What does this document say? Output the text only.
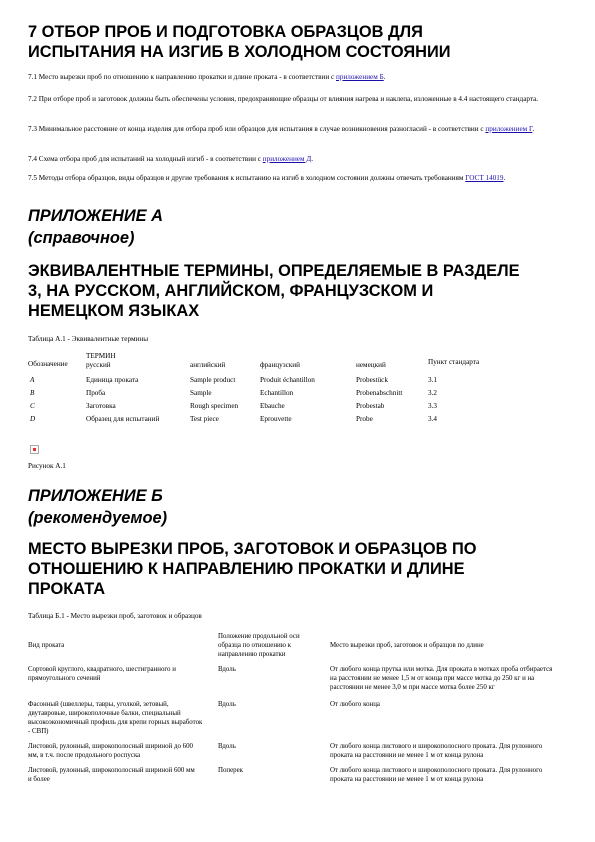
7 ОТБОР ПРОБ И ПОДГОТОВКА ОБРАЗЦОВ ДЛЯ

ИСПЫТАНИЯ НА ИЗГИБ В ХОЛОДНОМ СОСТОЯНИИ

7.1 Место вырезки проб по отношению к направлению прокатки и длине проката - в соответствии с приложением Б.

7.2 При отборе проб и заготовок должны быть обеспечены условия, предохраняющие образцы от влияния нагрева и наклепа, изложенные в 4.4 настоящего стандарта.

7.3 Минимальное расстояние от конца изделия для отбора проб или образцов для испытания в случае возникновения разногласий - в соответствии с приложением Г.

7.4 Схема отбора проб для испытаний на холодный изгиб - в соответствии с приложением Д.

7.5 Методы отбора образцов, виды образцов и другие требования к испытанию на изгиб в холодном состоянии должны отвечать требованиям ГОСТ 14019.

ПРИЛОЖЕНИЕ А

(справочное)

ЭКВИВАЛЕНТНЫЕ ТЕРМИНЫ, ОПРЕДЕЛЯЕМЫЕ В РАЗДЕЛЕ

3, НА РУССКОМ, АНГЛИЙСКОМ, ФРАНЦУЗСКОМ И

НЕМЕЦКОМ ЯЗЫКАХ

Таблица А.1 - Эквивалентные термины

Обозначение	ТЕРМИН				Пункт стандарта
	русский	английский	французский	немецкий	

А	Единица проката	Sample product	Produit échantillon	Probestück	3.1
В	Проба	Sample	Echantillon	Probenabschnitt	3.2
С	Заготовка	Rough specimen	Ebauche	Probestab	3.3
D	Образец для испытаний	Test piece	Eprouvette	Probe	3.4

Рисунок А.1

ПРИЛОЖЕНИЕ Б

(рекомендуемое)

МЕСТО ВЫРЕЗКИ ПРОБ, ЗАГОТОВОК И ОБРАЗЦОВ ПО

ОТНОШЕНИЮ К НАПРАВЛЕНИЮ ПРОКАТКИ И ДЛИНЕ

ПРОКАТА

Таблица Б.1 - Место вырезки проб, заготовок и образцов

Вид проката	Положение продольной оси образца по отношению к направлению прокатки	Место вырезки проб, заготовок и образцов по длине

Сортовой круглого, квадратного, шестигранного и прямоугольного сечений	Вдоль	От любого конца прутка или мотка. Для проката в мотках проба отбирается на расстоянии не менее 1,5 м от конца при массе мотка до 250 кг и на расстоянии не менее 3,0 м при массе мотка более 250 кг
Фасонный (швеллеры, тавры, уголкой, зетовый, двутавровые, широкополочные балки, специальный высокоэкономичный профиль для крепи горных выработок - СВП)	Вдоль	От любого конца
Листовой, рулонный, широкополосный шириной до 600 мм, в т.ч. после продольного роспуска	Вдоль	От любого конца листового и широкополосного проката. Для рулонного проката на расстоянии не менее 1 м от конца рулона
Листовой, рулонный, широкополосный шириной 600 мм и более	Поперек	От любого конца листового и широкополосного проката. Для рулонного проката на расстоянии не менее 1 м от конца рулона
